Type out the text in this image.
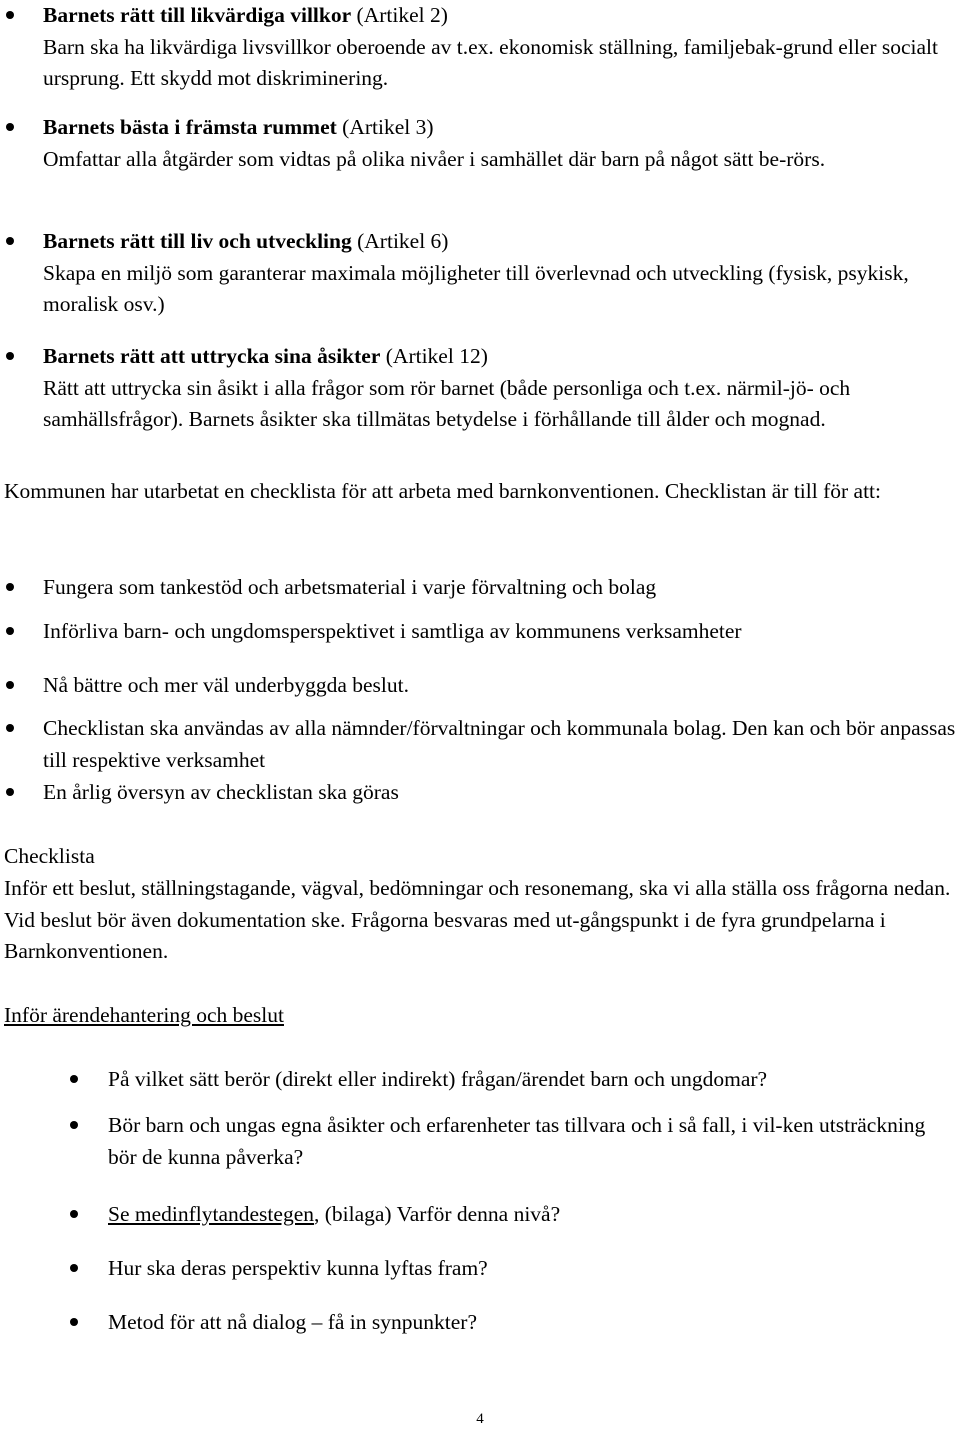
Barnets rätt till likvärdiga villkor (Artikel 2)
Barn ska ha likvärdiga livsvillkor oberoende av t.ex. ekonomisk ställning, familjebak-grund eller socialt ursprung. Ett skydd mot diskriminering.
Barnets bästa i främsta rummet (Artikel 3)
Omfattar alla åtgärder som vidtas på olika nivåer i samhället där barn på något sätt be-rörs.
Barnets rätt till liv och utveckling (Artikel 6)
Skapa en miljö som garanterar maximala möjligheter till överlevnad och utveckling (fysisk, psykisk, moralisk osv.)
Barnets rätt att uttrycka sina åsikter (Artikel 12)
Rätt att uttrycka sin åsikt i alla frågor som rör barnet (både personliga och t.ex. närmil-jö- och samhällsfrågor). Barnets åsikter ska tillmätas betydelse i förhållande till ålder och mognad.

Kommunen har utarbetat en checklista för att arbeta med barnkonventionen. Checklistan är till för att:

Fungera som tankestöd och arbetsmaterial i varje förvaltning och bolag
Införliva barn- och ungdomsperspektivet i samtliga av kommunens verksamheter
Nå bättre och mer väl underbyggda beslut.
Checklistan ska användas av alla nämnder/förvaltningar och kommunala bolag. Den kan och bör anpassas till respektive verksamhet
En årlig översyn av checklistan ska göras

Checklista

Inför ett beslut, ställningstagande, vägval, bedömningar och resonemang, ska vi alla ställa oss frågorna nedan. Vid beslut bör även dokumentation ske. Frågorna besvaras med ut-gångspunkt i de fyra grundpelarna i Barnkonventionen.

Inför ärendehantering och beslut

På vilket sätt berör (direkt eller indirekt) frågan/ärendet barn och ungdomar?
Bör barn och ungas egna åsikter och erfarenheter tas tillvara och i så fall, i vil-ken utsträckning bör de kunna påverka?
Se medinflytandestegen, (bilaga) Varför denna nivå?
Hur ska deras perspektiv kunna lyftas fram?
Metod för att nå dialog – få in synpunkter?
4
